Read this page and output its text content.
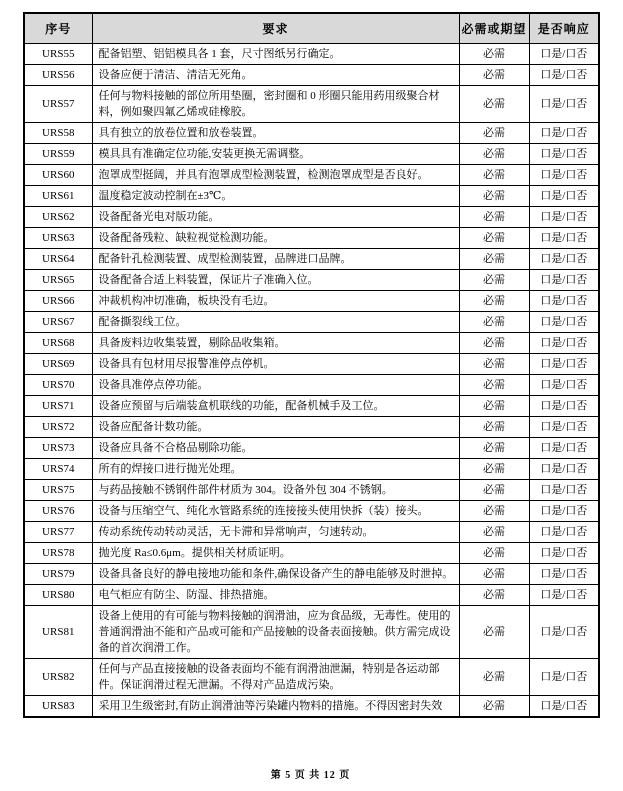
序号	要求	必需或期望	是否响应
URS55	配备铝塑、铝铝模具各 1 套，尺寸图纸另行确定。	必需	口是/口否
URS56	设备应便于清洁、清洁无死角。	必需	口是/口否
URS57	任何与物料接触的部位所用垫圈，密封圈和 0 形圈只能用药用级聚合材料，例如聚四氟乙烯或硅橡胶。	必需	口是/口否
URS58	具有独立的放卷位置和放卷装置。	必需	口是/口否
URS59	模具具有准确定位功能,安装更换无需调整。	必需	口是/口否
URS60	泡罩成型挺阔，并具有泡罩成型检测装置，检测泡罩成型是否良好。	必需	口是/口否
URS61	温度稳定波动控制在±3℃。	必需	口是/口否
URS62	设备配备光电对版功能。	必需	口是/口否
URS63	设备配备残粒、缺粒视觉检测功能。	必需	口是/口否
URS64	配备针孔检测装置、成型检测装置，品牌进口品牌。	必需	口是/口否
URS65	设备配备合适上料装置，保证片子准确入位。	必需	口是/口否
URS66	冲裁机构冲切准确，板块没有毛边。	必需	口是/口否
URS67	配备撕裂线工位。	必需	口是/口否
URS68	具备废料边收集装置，剔除品收集箱。	必需	口是/口否
URS69	设备具有包材用尽报警准停点停机。	必需	口是/口否
URS70	设备具准停点停功能。	必需	口是/口否
URS71	设备应预留与后端装盒机联线的功能，配备机械手及工位。	必需	口是/口否
URS72	设备应配备计数功能。	必需	口是/口否
URS73	设备应具备不合格品剔除功能。	必需	口是/口否
URS74	所有的焊接口进行抛光处理。	必需	口是/口否
URS75	与药品接触不锈钢件部件材质为 304。设备外包 304 不锈钢。	必需	口是/口否
URS76	设备与压缩空气、纯化水管路系统的连接接头使用快拆（装）接头。	必需	口是/口否
URS77	传动系统传动转动灵活，无卡滞和异常响声，匀速转动。	必需	口是/口否
URS78	抛光度 Ra≤0.6μm。提供相关材质证明。	必需	口是/口否
URS79	设备具备良好的静电接地功能和条件,确保设备产生的静电能够及时泄掉。	必需	口是/口否
URS80	电气柜应有防尘、防湿、排热措施。	必需	口是/口否
URS81	设备上使用的有可能与物料接触的润滑油，应为食品级，无毒性。使用的普通润滑油不能和产品或可能和产品接触的设备表面接触。供方需完成设备的首次润滑工作。	必需	口是/口否
URS82	任何与产品直接接触的设备表面均不能有润滑油泄漏，特别是各运动部件。保证润滑过程无泄漏。不得对产品造成污染。	必需	口是/口否
URS83	采用卫生级密封,有防止润滑油等污染罐内物料的措施。不得因密封失效	必需	口是/口否
第 5 页 共 12 页
